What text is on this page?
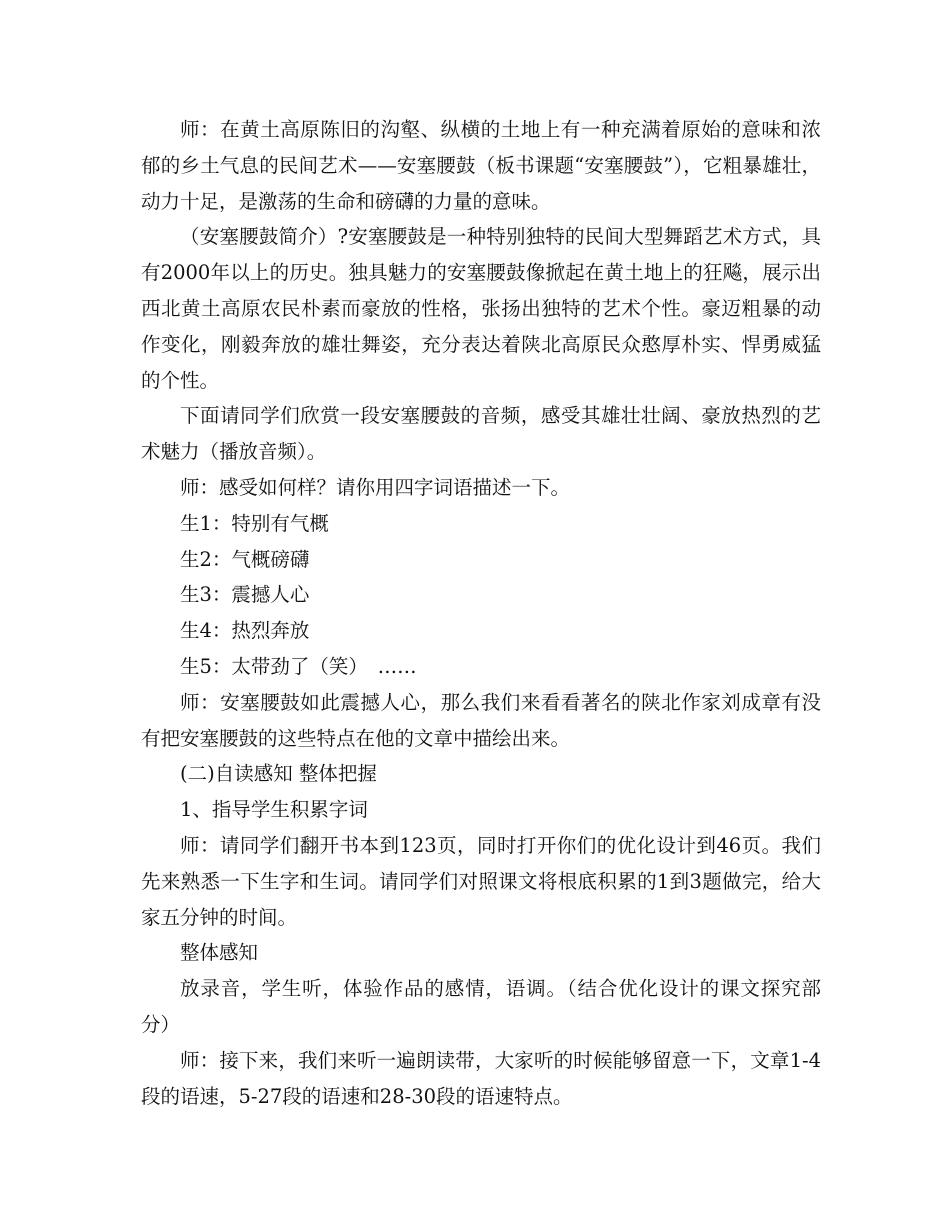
师：在黄土高原陈旧的沟壑、纵横的土地上有一种充满着原始的意味和浓郁的乡土气息的民间艺术——安塞腰鼓（板书课题“安塞腰鼓”），它粗暴雄壮，动力十足，是激荡的生命和磅礴的力量的意味。

（安塞腰鼓简介）?安塞腰鼓是一种特别独特的民间大型舞蹈艺术方式，具有2000年以上的历史。独具魅力的安塞腰鼓像掀起在黄土地上的狂飚，展示出西北黄土高原农民朴素而豪放的性格，张扬出独特的艺术个性。豪迈粗暴的动作变化，刚毅奔放的雄壮舞姿，充分表达着陕北高原民众憨厚朴实、悍勇威猛的个性。

下面请同学们欣赏一段安塞腰鼓的音频，感受其雄壮壮阔、豪放热烈的艺术魅力（播放音频）。

师：感受如何样？请你用四字词语描述一下。

生1：特别有气概

生2：气概磅礴

生3：震撼人心

生4：热烈奔放

生5：太带劲了（笑）　……

师：安塞腰鼓如此震撼人心，那么我们来看看著名的陕北作家刘成章有没有把安塞腰鼓的这些特点在他的文章中描绘出来。

(二)自读感知 整体把握

1、指导学生积累字词

师：请同学们翻开书本到123页，同时打开你们的优化设计到46页。我们先来熟悉一下生字和生词。请同学们对照课文将根底积累的1到3题做完，给大家五分钟的时间。

整体感知

放录音，学生听，体验作品的感情，语调。（结合优化设计的课文探究部分）

师：接下来，我们来听一遍朗读带，大家听的时候能够留意一下，文章1-4段的语速，5-27段的语速和28-30段的语速特点。
